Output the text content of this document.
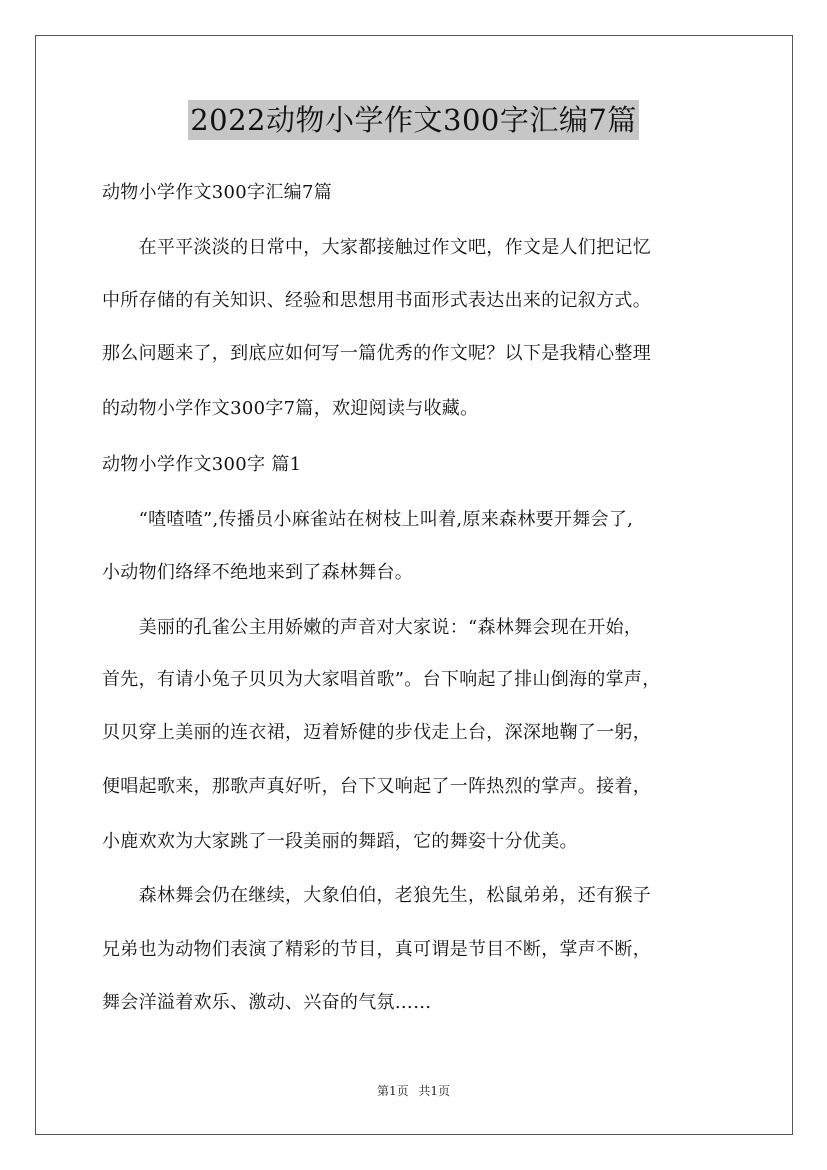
2022动物小学作文300字汇编7篇
动物小学作文300字汇编7篇
　　在平平淡淡的日常中，大家都接触过作文吧，作文是人们把记忆
中所存储的有关知识、经验和思想用书面形式表达出来的记叙方式。
那么问题来了，到底应如何写一篇优秀的作文呢？以下是我精心整理
的动物小学作文300字7篇，欢迎阅读与收藏。
动物小学作文300字 篇1
　　“喳喳喳”,传播员小麻雀站在树枝上叫着,原来森林要开舞会了,
小动物们络绎不绝地来到了森林舞台。
　　美丽的孔雀公主用娇嫩的声音对大家说：“森林舞会现在开始，
首先，有请小兔子贝贝为大家唱首歌”。台下响起了排山倒海的掌声，
贝贝穿上美丽的连衣裙，迈着矫健的步伐走上台，深深地鞠了一躬，
便唱起歌来，那歌声真好听，台下又响起了一阵热烈的掌声。接着，
小鹿欢欢为大家跳了一段美丽的舞蹈，它的舞姿十分优美。
　　森林舞会仍在继续，大象伯伯，老狼先生，松鼠弟弟，还有猴子
兄弟也为动物们表演了精彩的节目，真可谓是节目不断，掌声不断，
舞会洋溢着欢乐、激动、兴奋的气氛……
第1页 共1页
